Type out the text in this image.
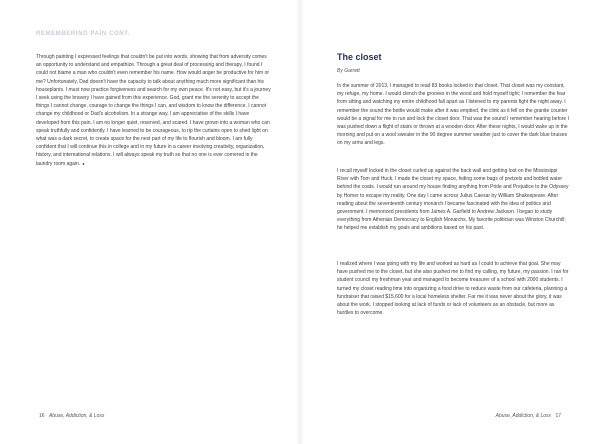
REMEMBERING PAIN CONT.

Through painting I expressed feelings that couldn't be put into words, showing that from adversity comes an opportunity to understand and empathize. Through a great deal of processing and therapy, I found I could not blame a man who couldn't even remember his name. How would anger be productive for him or me? Unfortunately, Dad doesn't have the capacity to talk about anything much more significant than his houseplants. I must now practice forgiveness and search for my own peace. It's not easy, but it's a journey I seek using the bravery I have gained from this experience. God, grant me the serenity to accept the things I cannot change, courage to change the things I can, and wisdom to know the difference. I cannot change my childhood or Dad's alcoholism. In a strange way, I am appreciative of the skills I have developed from this pain. I am no longer quiet, reserved, and scared. I have grown into a woman who can speak truthfully and confidently. I have learned to be courageous, to rip the curtains open to shed light on what was a dark secret, to create space for the next part of my life to flourish and bloom. I am fully confident that I will continue this in college and in my future in a career involving creativity, organization, history, and international relations. I will always speak my truth so that no one is ever cornered in the laundry room again. ●

16 Abuse, Addiction, & Loss
The closet
By Garrett

In the summer of 2013, I managed to read 83 books locked in that closet. That closet was my constant, my refuge, my home. I would clench the grooves in the wood and hold myself tight; I remember the fear from sitting and watching my entire childhood fall apart as I listened to my parents fight the night away. I remember the sound the bottle would make after it was emptied, the clink as it fell on the granite counter would be a signal for me to run and lock the closet door. That was the sound I remember hearing before I was pushed down a flight of stairs or thrown at a wooden door. After these nights, I would wake up in the morning and put on a wool sweater in the 90 degree summer weather just to cover the dark blue bruises on my arms and legs.

I recall myself locked in the closet curled up against the back wall and getting lost on the Mississippi River with Tom and Huck. I made the closet my space, hiding some bags of pretzels and bottled water behind the coats. I would run around my house finding anything from Pride and Prejudice to the Odyssey by Homer to escape my reality. One day I came across Julius Caesar by William Shakespeare. After reading about the seventeenth century monarch I became fascinated with the idea of politics and government. I memorized presidents from James A. Garfield to Andrew Jackson. I began to study everything from Athenian Democracy to English Monarchs. My favorite politician was Winston Churchill; he helped me establish my goals and ambitions based on his past.

I realized where I was going with my life and worked as hard as I could to achieve that goal. She may have pushed me to the closet, but she also pushed me to find my calling, my future, my passion. I ran for student council my freshman year and managed to become treasurer of a school with 2000 students. I turned my closet reading time into organizing a food drive to reduce waste from our cafeteria, planning a fundraiser that raised $15,600 for a local homeless shelter. Far me it was never about the glory, it was about the work. I stopped looking at lack of funds or lack of volunteers as an obstacle, but more as hurdles to overcome.

Abuse, Addiction, & Loss 17
